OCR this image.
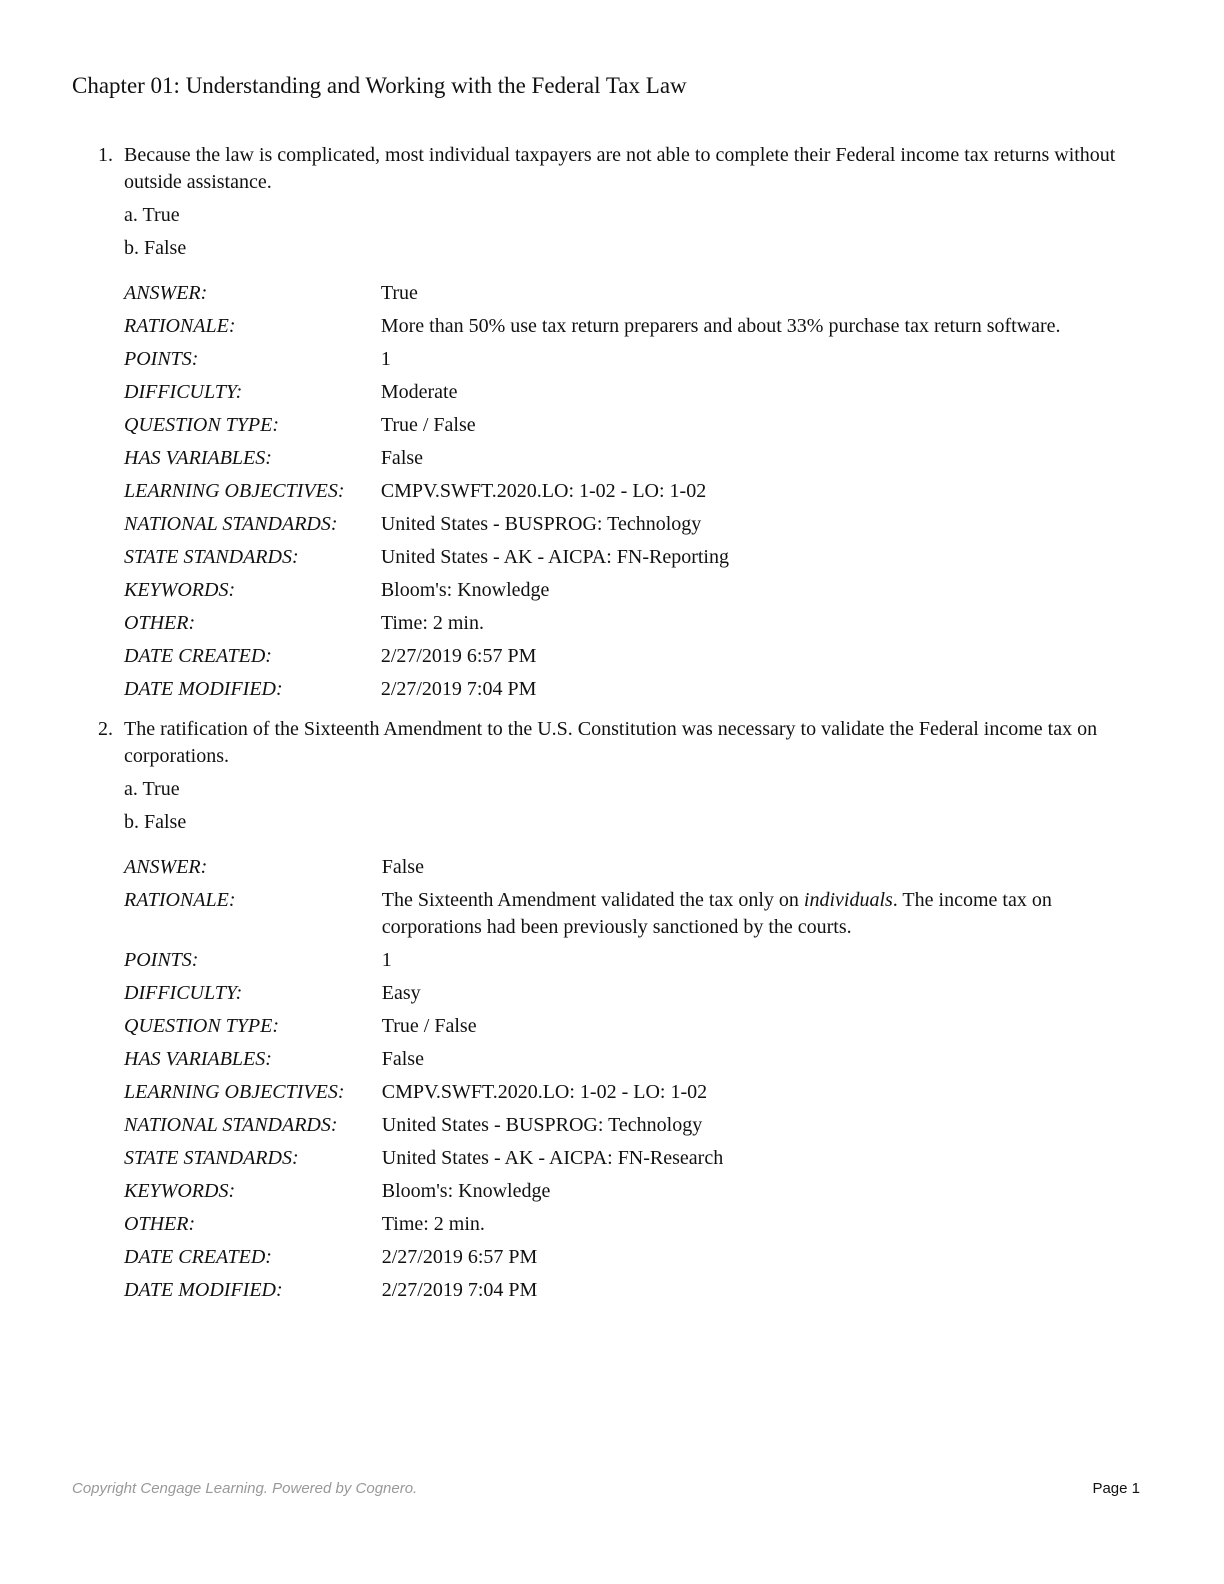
Chapter 01: Understanding and Working with the Federal Tax Law
1. Because the law is complicated, most individual taxpayers are not able to complete their Federal income tax returns without outside assistance.
a. True
b. False
ANSWER:	True
RATIONALE:	More than 50% use tax return preparers and about 33% purchase tax return software.
POINTS:	1
DIFFICULTY:	Moderate
QUESTION TYPE:	True / False
HAS VARIABLES:	False
LEARNING OBJECTIVES:	CMPV.SWFT.2020.LO: 1-02 - LO: 1-02
NATIONAL STANDARDS:	United States - BUSPROG: Technology
STATE STANDARDS:	United States - AK - AICPA: FN-Reporting
KEYWORDS:	Bloom's: Knowledge
OTHER:	Time: 2 min.
DATE CREATED:	2/27/2019 6:57 PM
DATE MODIFIED:	2/27/2019 7:04 PM
2. The ratification of the Sixteenth Amendment to the U.S. Constitution was necessary to validate the Federal income tax on corporations.
a. True
b. False
ANSWER:	False
RATIONALE:	The Sixteenth Amendment validated the tax only on individuals. The income tax on corporations had been previously sanctioned by the courts.
POINTS:	1
DIFFICULTY:	Easy
QUESTION TYPE:	True / False
HAS VARIABLES:	False
LEARNING OBJECTIVES:	CMPV.SWFT.2020.LO: 1-02 - LO: 1-02
NATIONAL STANDARDS:	United States - BUSPROG: Technology
STATE STANDARDS:	United States - AK - AICPA: FN-Research
KEYWORDS:	Bloom's: Knowledge
OTHER:	Time: 2 min.
DATE CREATED:	2/27/2019 6:57 PM
DATE MODIFIED:	2/27/2019 7:04 PM
Copyright Cengage Learning. Powered by Cognero.	Page 1
